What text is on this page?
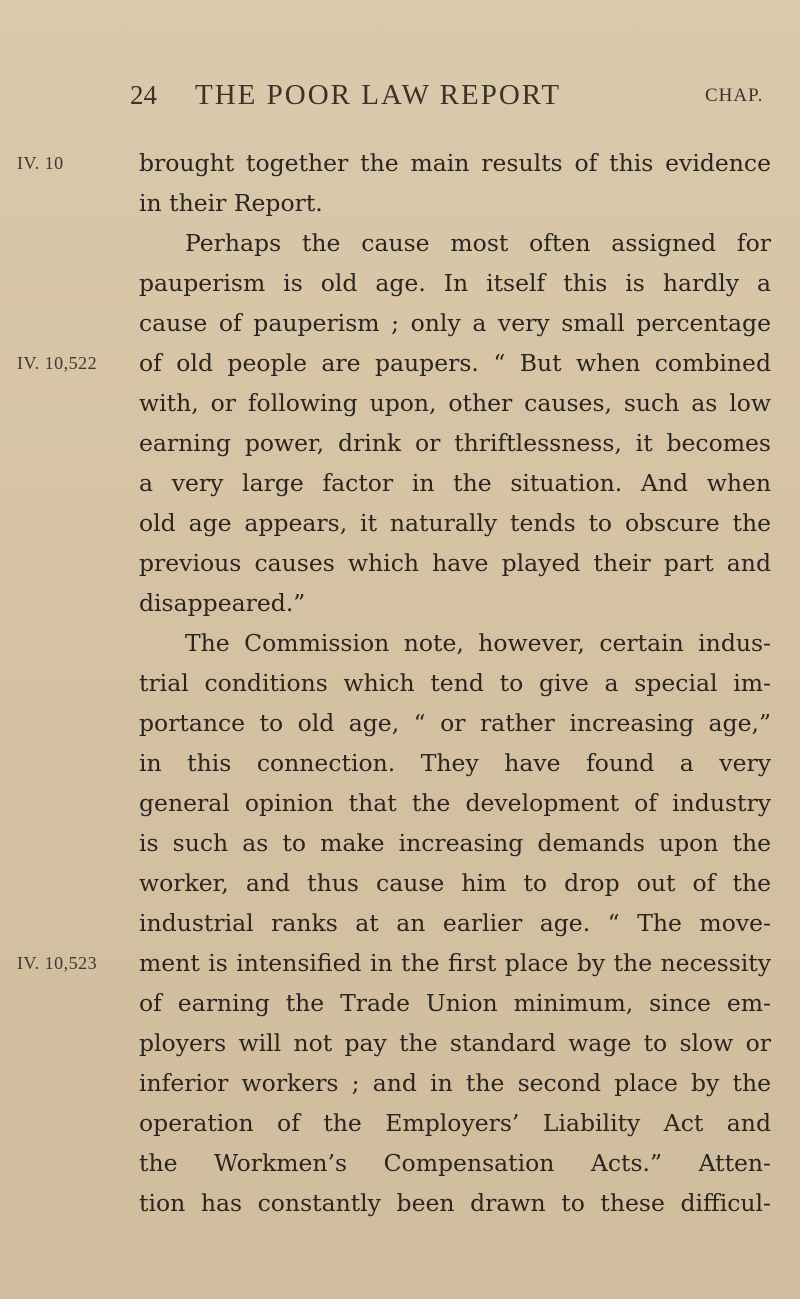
24 THE POOR LAW REPORT	CHAP.
IV. 10
IV. 10,522
IV. 10,523
brought together the main results of this evidence
in their Report.
Perhaps the cause most often assigned for
pauperism is old age. In itself this is hardly a
cause of pauperism ; only a very small percentage
of old people are paupers. “ But when combined
with, or following upon, other causes, such as low
earning power, drink or thriftlessness, it becomes
a very large factor in the situation. And when
old age appears, it naturally tends to obscure the
previous causes which have played their part and
disappeared.”
The Commission note, however, certain indus-
trial conditions which tend to give a special im-
portance to old age, “ or rather increasing age,”
in this connection. They have found a very
general opinion that the development of industry
is such as to make increasing demands upon the
worker, and thus cause him to drop out of the
industrial ranks at an earlier age. “ The move-
ment is intensified in the first place by the necessity
of earning the Trade Union minimum, since em-
ployers will not pay the standard wage to slow or
inferior workers ; and in the second place by the
operation of the Employers’ Liability Act and
the Workmen’s Compensation Acts.” Atten-
tion has constantly been drawn to these difficul-
